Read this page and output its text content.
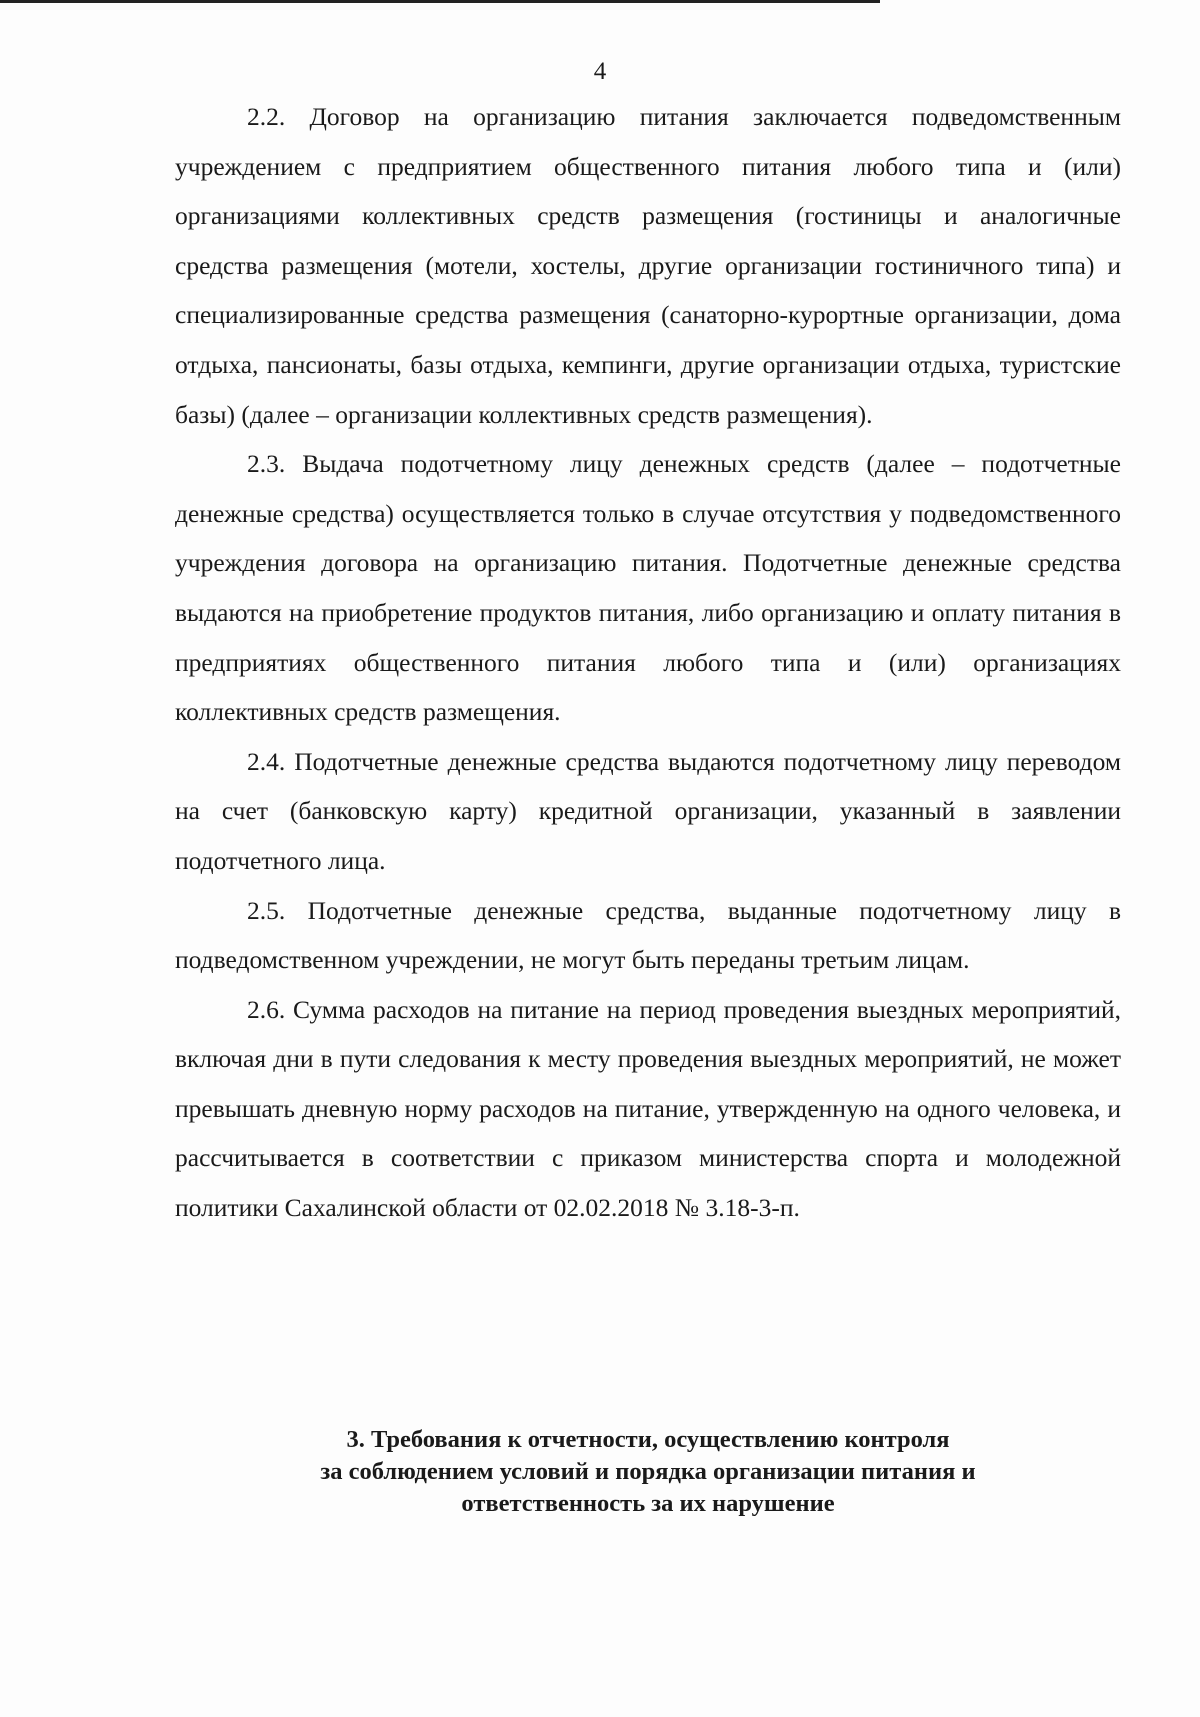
4

2.2. Договор на организацию питания заключается подведомственным учреждением с предприятием общественного питания любого типа и (или) организациями коллективных средств размещения (гостиницы и аналогичные средства размещения (мотели, хостелы, другие организации гостиничного типа) и специализированные средства размещения (санаторно-курортные организации, дома отдыха, пансионаты, базы отдыха, кемпинги, другие организации отдыха, туристские базы) (далее – организации коллективных средств размещения).

2.3. Выдача подотчетному лицу денежных средств (далее – подотчетные денежные средства) осуществляется только в случае отсутствия у подведомственного учреждения договора на организацию питания. Подотчетные денежные средства выдаются на приобретение продуктов питания, либо организацию и оплату питания в предприятиях общественного питания любого типа и (или) организациях коллективных средств размещения.

2.4. Подотчетные денежные средства выдаются подотчетному лицу переводом на счет (банковскую карту) кредитной организации, указанный в заявлении подотчетного лица.

2.5. Подотчетные денежные средства, выданные подотчетному лицу в подведомственном учреждении, не могут быть переданы третьим лицам.

2.6. Сумма расходов на питание на период проведения выездных мероприятий, включая дни в пути следования к месту проведения выездных мероприятий, не может превышать дневную норму расходов на питание, утвержденную на одного человека, и рассчитывается в соответствии с приказом министерства спорта и молодежной политики Сахалинской области от 02.02.2018 № 3.18-3-п.

3. Требования к отчетности, осуществлению контроля
за соблюдением условий и порядка организации питания и
ответственность за их нарушение
